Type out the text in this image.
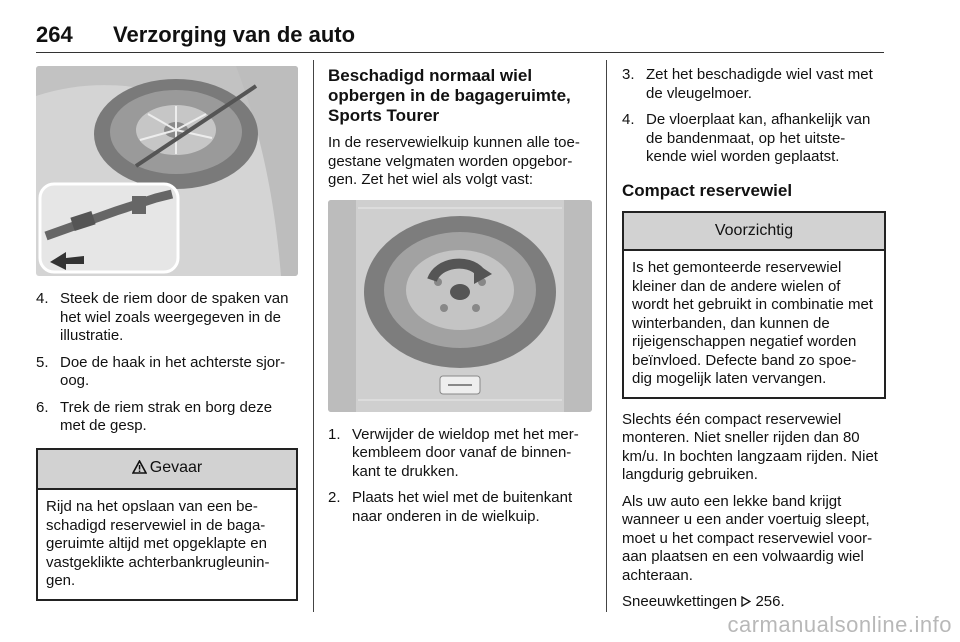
264 Verzorging van de auto
4. Steek de riem door de spaken van het wiel zoals weergegeven in de illustratie.
5. Doe de haak in het achterste sjor-oog.
6. Trek de riem strak en borg deze met de gesp.
Gevaar
Rijd na het opslaan van een be-schadigd reservewiel in de baga-geruimte altijd met opgeklapte en vastgeklikte achterbankrugleunin-gen.
Beschadigd normaal wiel opbergen in de bagageruimte, Sports Tourer

In de reservewielkuip kunnen alle toe-gestane velgmaten worden opgebor-gen. Zet het wiel als volgt vast:

1. Verwijder de wieldop met het mer-kembleem door vanaf de binnen-kant te drukken.
2. Plaats het wiel met de buitenkant naar onderen in de wielkuip.
3. Zet het beschadigde wiel vast met de vleugelmoer.
4. De vloerplaat kan, afhankelijk van de bandenmaat, op het uitste-kende wiel worden geplaatst.
Compact reservewiel
Voorzichtig
Is het gemonteerde reservewiel kleiner dan de andere wielen of wordt het gebruikt in combinatie met winterbanden, dan kunnen de rijeigenschappen negatief worden beïnvloed. Defecte band zo spoe-dig mogelijk laten vervangen.

Slechts één compact reservewiel monteren. Niet sneller rijden dan 80 km/u. In bochten langzaam rijden. Niet langdurig gebruiken.

Als uw auto een lekke band krijgt wanneer u een ander voertuig sleept, moet u het compact reservewiel voor-aan plaatsen en een volwaardig wiel achteraan.

Sneeuwkettingen 256.

carmanualsonline.info
